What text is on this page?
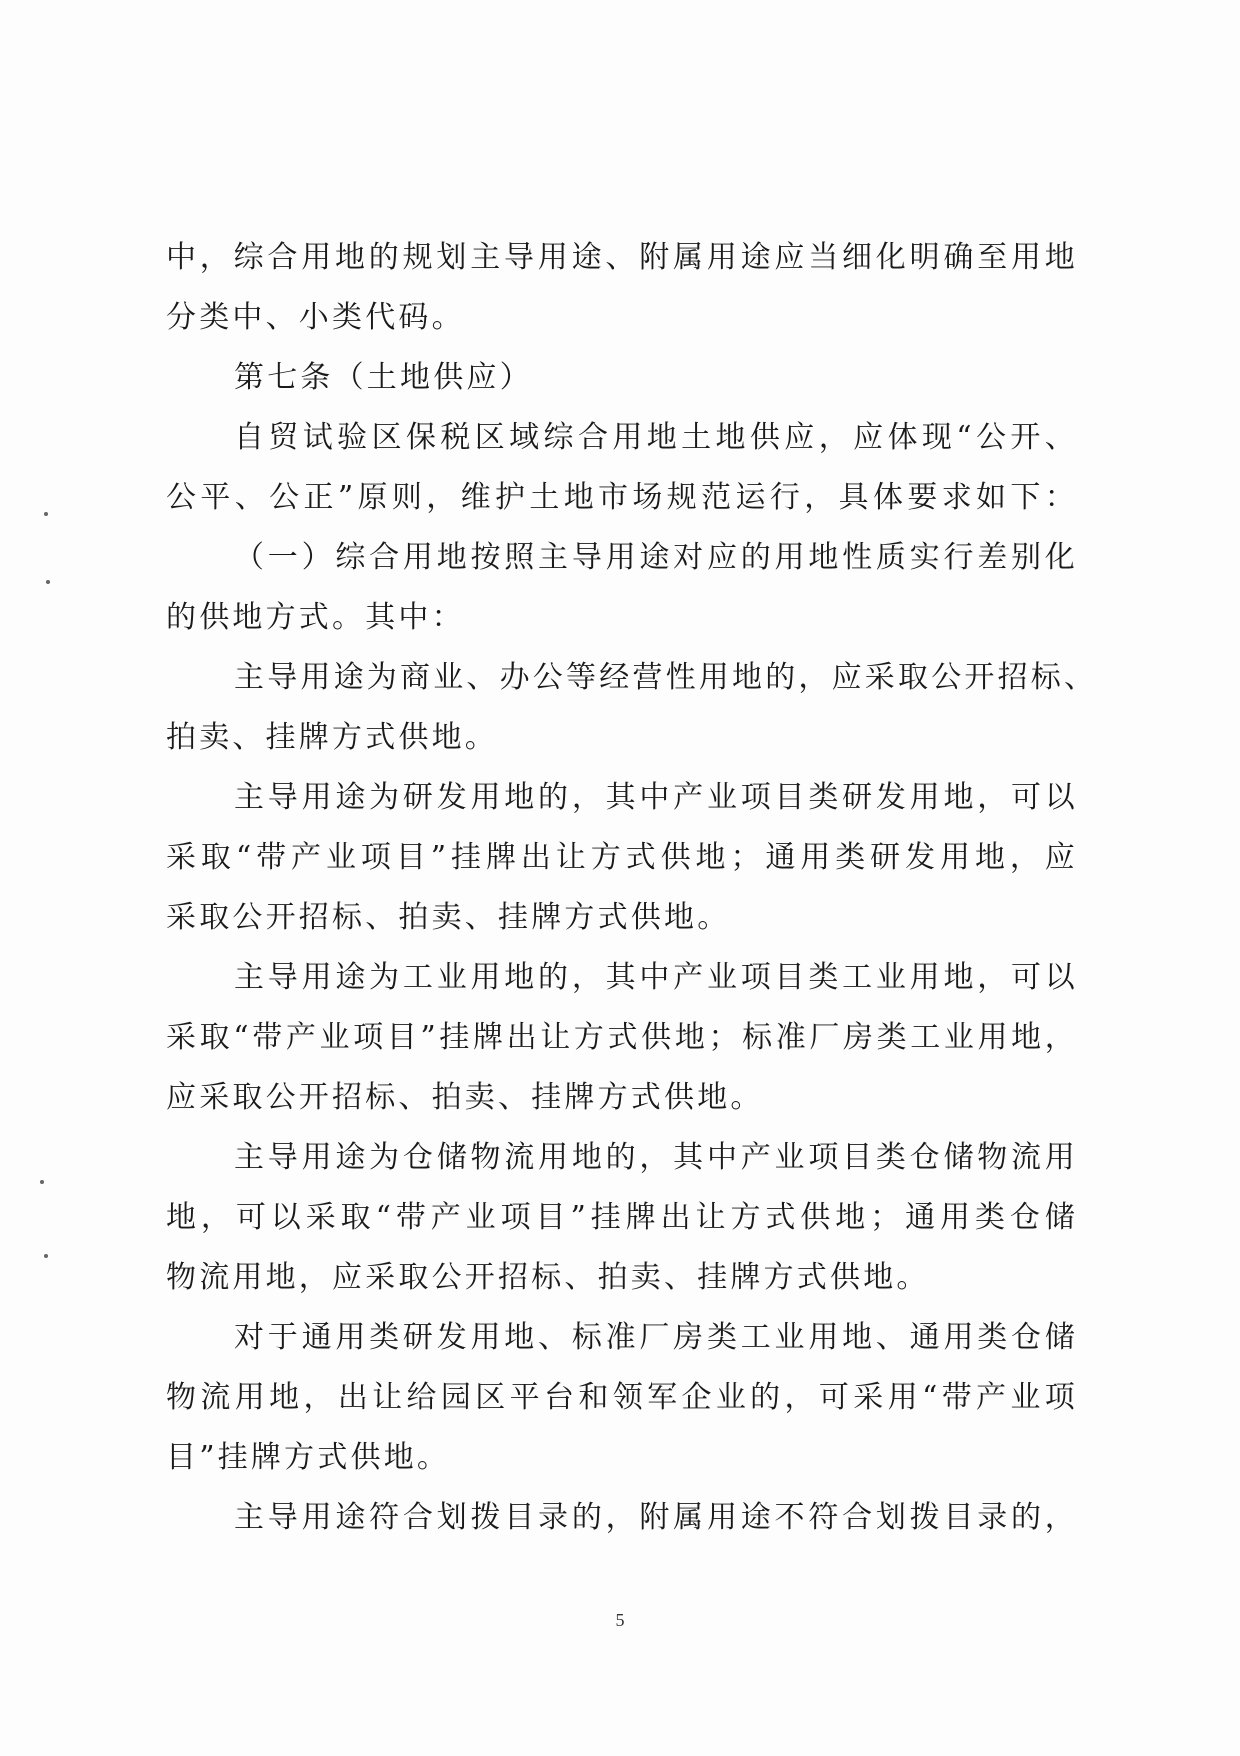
中，综合用地的规划主导用途、附属用途应当细化明确至用地
分类中、小类代码。
第七条（土地供应）
自贸试验区保税区域综合用地土地供应，应体现“公开、
公平、公正”原则，维护土地市场规范运行，具体要求如下：
（一）综合用地按照主导用途对应的用地性质实行差别化
的供地方式。其中：
主导用途为商业、办公等经营性用地的，应采取公开招标、
拍卖、挂牌方式供地。
主导用途为研发用地的，其中产业项目类研发用地，可以
采取“带产业项目”挂牌出让方式供地；通用类研发用地，应
采取公开招标、拍卖、挂牌方式供地。
主导用途为工业用地的，其中产业项目类工业用地，可以
采取“带产业项目”挂牌出让方式供地；标准厂房类工业用地，
应采取公开招标、拍卖、挂牌方式供地。
主导用途为仓储物流用地的，其中产业项目类仓储物流用
地，可以采取“带产业项目”挂牌出让方式供地；通用类仓储
物流用地，应采取公开招标、拍卖、挂牌方式供地。
对于通用类研发用地、标准厂房类工业用地、通用类仓储
物流用地，出让给园区平台和领军企业的，可采用“带产业项
目”挂牌方式供地。
主导用途符合划拨目录的，附属用途不符合划拨目录的，
5
